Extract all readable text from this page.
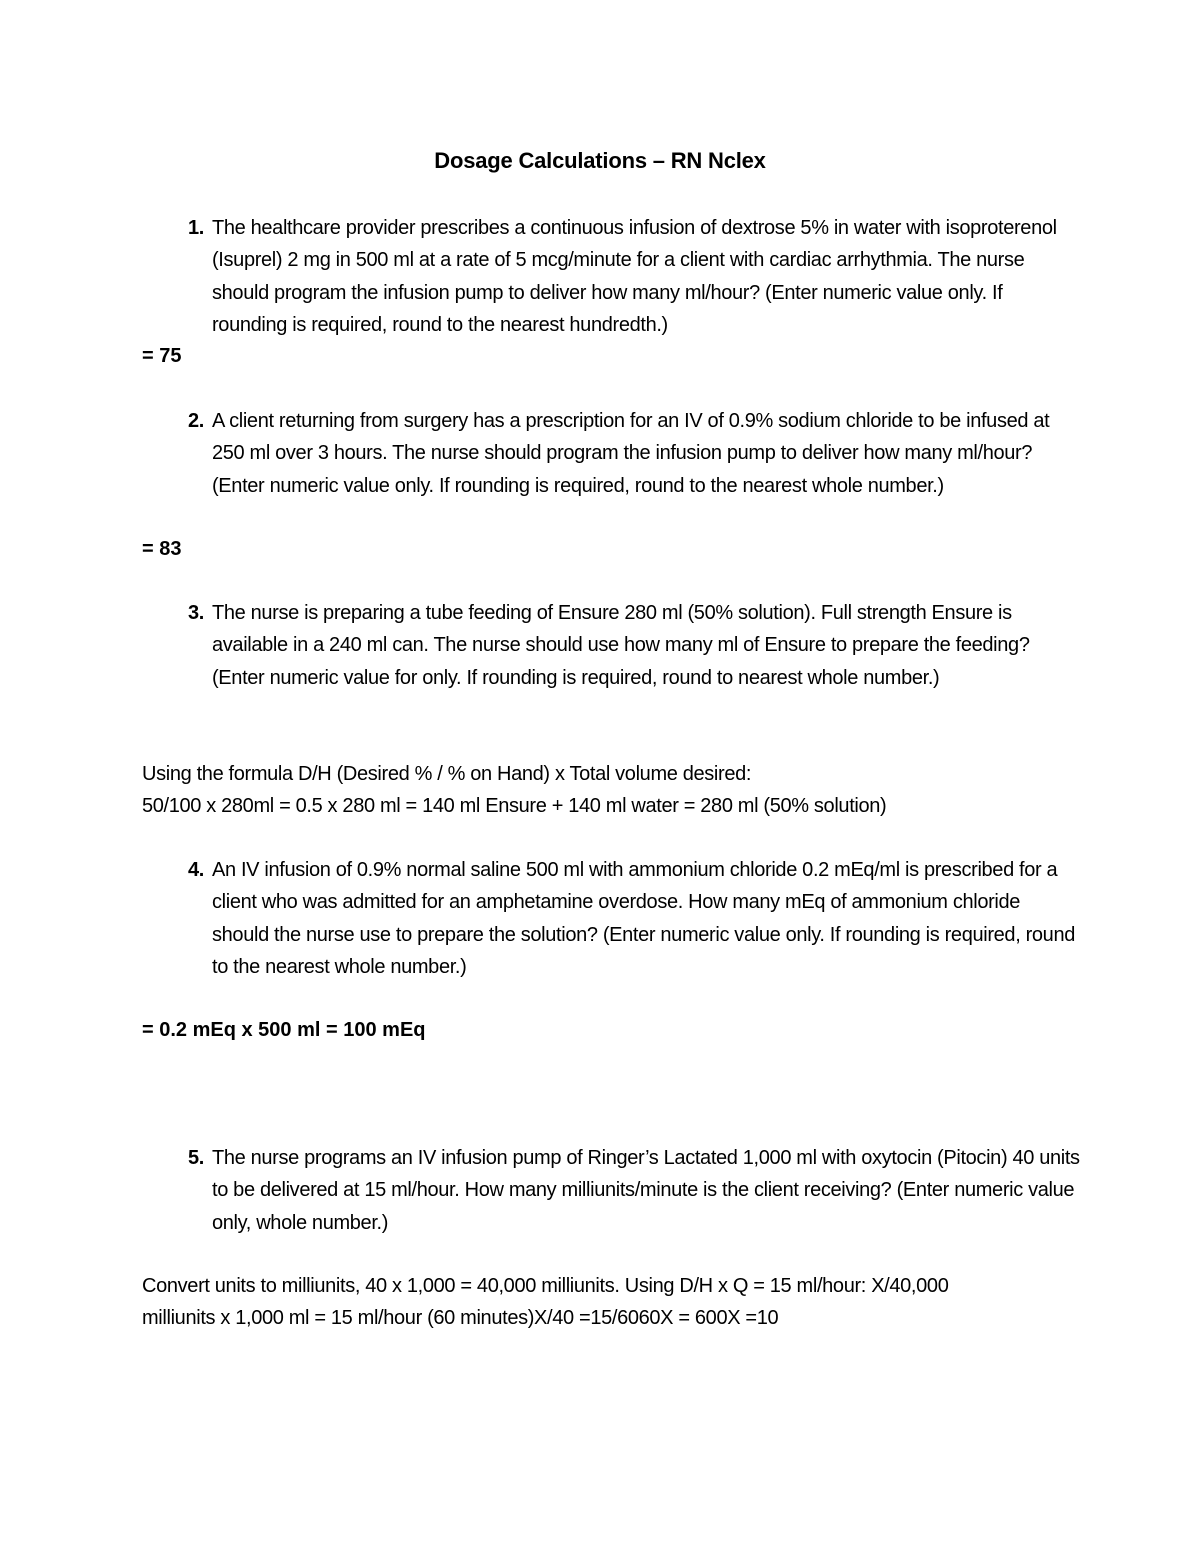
Dosage Calculations – RN Nclex
1. The healthcare provider prescribes a continuous infusion of dextrose 5% in water with isoproterenol (Isuprel) 2 mg in 500 ml at a rate of 5 mcg/minute for a client with cardiac arrhythmia. The nurse should program the infusion pump to deliver how many ml/hour? (Enter numeric value only. If rounding is required, round to the nearest hundredth.)
= 75
2. A client returning from surgery has a prescription for an IV of 0.9% sodium chloride to be infused at 250 ml over 3 hours. The nurse should program the infusion pump to deliver how many ml/hour? (Enter numeric value only. If rounding is required, round to the nearest whole number.)
= 83
3. The nurse is preparing a tube feeding of Ensure 280 ml (50% solution). Full strength Ensure is available in a 240 ml can. The nurse should use how many ml of Ensure to prepare the feeding? (Enter numeric value for only. If rounding is required, round to nearest whole number.)
Using the formula D/H (Desired % / % on Hand) x Total volume desired:
50/100 x 280ml = 0.5 x 280 ml = 140 ml Ensure + 140 ml water = 280 ml (50% solution)
4. An IV infusion of 0.9% normal saline 500 ml with ammonium chloride 0.2 mEq/ml is prescribed for a client who was admitted for an amphetamine overdose. How many mEq of ammonium chloride should the nurse use to prepare the solution? (Enter numeric value only. If rounding is required, round to the nearest whole number.)
= 0.2 mEq x 500 ml = 100 mEq
5. The nurse programs an IV infusion pump of Ringer’s Lactated 1,000 ml with oxytocin (Pitocin) 40 units to be delivered at 15 ml/hour. How many milliunits/minute is the client receiving? (Enter numeric value only, whole number.)
Convert units to milliunits, 40 x 1,000 = 40,000 milliunits. Using D/H x Q = 15 ml/hour: X/40,000
milliunits x 1,000 ml = 15 ml/hour (60 minutes)X/40 =15/6060X = 600X =10
